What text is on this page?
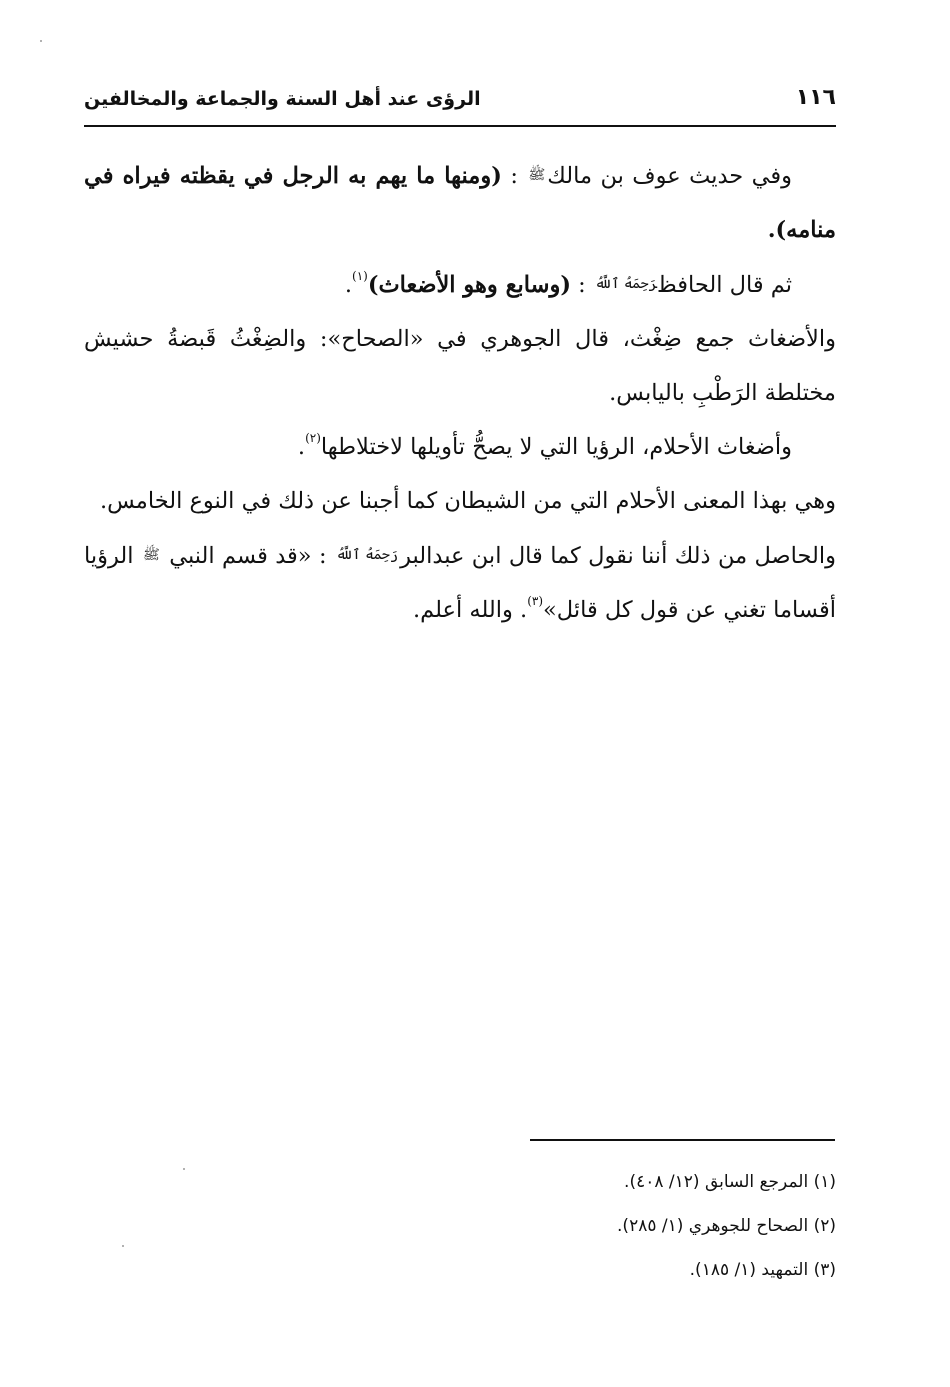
١١٦
الرؤى عند أهل السنة والجماعة والمخالفين

وفي حديث عوف بن مالكﷺ : (ومنها ما يهم به الرجل في يقظته فيراه في منامه).

ثم قال الحافظرَحِمَهُ ٱللَّهُ : (وسابع وهو الأضعاث)$^{(١)}$.

والأضغاث جمع ضِغْث، قال الجوهري في «الصحاح»: والضِغْثُ قَبضةُ حشيش مختلطة الرَطْبِ باليابس.

وأضغاث الأحلام، الرؤيا التي لا يصحُّ تأويلها لاختلاطها$^{(٢)}$.

وهي بهذا المعنى الأحلام التي من الشيطان كما أجبنا عن ذلك في النوع الخامس.

والحاصل من ذلك أننا نقول كما قال ابن عبدالبررَحِمَهُ ٱللَّهُ : «قد قسم النبي ﷺ الرؤيا أقساما تغني عن قول كل قائل»$^{(٣)}$. والله أعلم.

(١) المرجع السابق (١٢/ ٤٠٨).

(٢) الصحاح للجوهري (١/ ٢٨٥).

(٣) التمهيد (١/ ١٨٥).
